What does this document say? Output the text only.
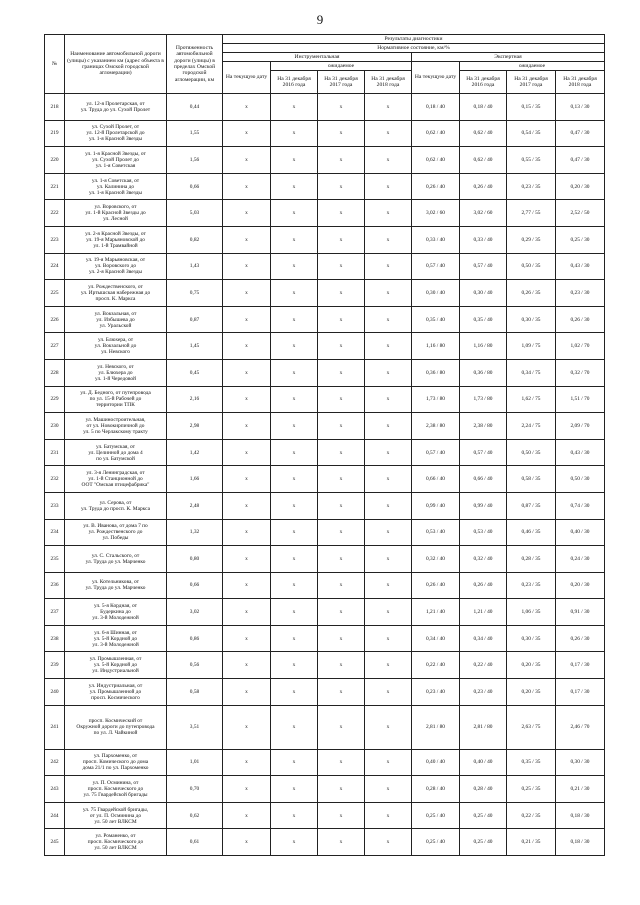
9
№	Наименование автомобильной дороги (улицы) с указанием км (адрес объекта в границах Омской городской агломерации)	Протяженность автомобильной дороги (улицы) в пределах Омской городской агломерации, км	Результаты диагностики							
			Нормативное состояние, км/%							
			Инструментальная				Экспертная			
			На текущую дату	ожидаемое			На текущую дату	ожидаемое		
				На 31 декабря 2016 года	На 31 декабря 2017 года	На 31 декабря 2018 года		На 31 декабря 2016 года	На 31 декабря 2017 года	На 31 декабря 2018 года
218	ул. 12-я Пролетарская, от
ул. Труда до ул. Сухой Пролет	0,44	х	х	х	х	0,18 / 40	0,18 / 40	0,15 / 35	0,13 / 30
219	ул. Сухой Пролет, от
ул. 12-й Пролетарской до
ул. 1-я Красной Звезды	1,55	х	х	х	х	0,62 / 40	0,62 / 40	0,54 / 35	0,47 / 30
220	ул. 1-я Красной Звезды, от
ул. Сухой Пролет до
ул. 1-я Советская	1,56	х	х	х	х	0,62 / 40	0,62 / 40	0,55 / 35	0,47 / 30
221	ул. 1-я Советская, от
ул. Калинина до
ул. 1-я Красной Звезды	0,66	х	х	х	х	0,26 / 40	0,26 / 40	0,23 / 35	0,20 / 30
222	ул. Воровского, от
ул. 1-й Красной Звезды до
ул. Лесной	5,03	х	х	х	х	3,02 / 60	3,02 / 60	2,77 / 55	2,52 / 50
223	ул. 2-я Красной Звезды, от
ул. 19-я Марьяновской до
ул. 1-й Трамвайной	0,82	х	х	х	х	0,33 / 40	0,33 / 40	0,29 / 35	0,25 / 30
224	ул. 19-я Марьяновская, от
ул. Воровского до
ул. 2-я Красной Звезды	1,43	х	х	х	х	0,57 / 40	0,57 / 40	0,50 / 35	0,43 / 30
225	ул. Рождественского, от
ул. Иртышская набережная до
просп. К. Маркса	0,75	х	х	х	х	0,30 / 40	0,30 / 40	0,26 / 35	0,23 / 30
226	ул. Вокзальная, от
ул. Избышева до
ул. Уральской	0,87	х	х	х	х	0,35 / 40	0,35 / 40	0,30 / 35	0,26 / 30
227	ул. Блюхера, от
ул. Вокзальной до
ул. Невского	1,45	х	х	х	х	1,16 / 80	1,16 / 80	1,09 / 75	1,02 / 70
228	ул. Невского, от
ул. Блюхера до
ул. 1-й Чередовой	0,45	х	х	х	х	0,36 / 80	0,36 / 80	0,34 / 75	0,32 / 70
229	ул. Д. Бедного, от путепровода
по ул. 15-й Рабочей до
территории ТПК	2,16	х	х	х	х	1,73 / 80	1,73 / 80	1,62 / 75	1,51 / 70
230	ул. Машиностроительная,
от ул. Новокирпичной до
ул. 5 по Черлакскому тракту	2,98	х	х	х	х	2,38 / 80	2,38 / 80	2,24 / 75	2,09 / 70
231	ул. Батумская, от
ул. Целинной до дома 4
по ул. Батумской	1,42	х	х	х	х	0,57 / 40	0,57 / 40	0,50 / 35	0,43 / 30
232	ул. 3-я Ленинградская, от
ул. 1-й Станционной до
ООТ "Омская птицефабрика"	1,66	х	х	х	х	0,66 / 40	0,66 / 40	0,58 / 35	0,50 / 30
233	ул. Серова, от
ул. Труда до просп. К. Маркса	2,48	х	х	х	х	0,99 / 40	0,99 / 40	0,87 / 35	0,74 / 30
234	ул. В. Иванова, от дома 7 по
ул. Рождественского до
ул. Победы	1,32	х	х	х	х	0,53 / 40	0,53 / 40	0,46 / 35	0,40 / 30
235	ул. С. Стальского, от
ул. Труда до ул. Марченко	0,80	х	х	х	х	0,32 / 40	0,32 / 40	0,28 / 35	0,24 / 30
236	ул. Котельникова, от
ул. Труда до ул. Марченко	0,66	х	х	х	х	0,26 / 40	0,26 / 40	0,23 / 35	0,20 / 30
237	ул. 5-я Кордная, от
Будеркина до
ул. 3-й Молодежной	3,02	х	х	х	х	1,21 / 40	1,21 / 40	1,06 / 35	0,91 / 30
238	ул. 6-я Шинная, от
ул. 5-й Кордной до
ул. 3-й Молодежной	0,86	х	х	х	х	0,34 / 40	0,34 / 40	0,30 / 35	0,26 / 30
239	ул. Промышленная, от
ул. 5-й Кордной до
ул. Индустриальной	0,56	х	х	х	х	0,22 / 40	0,22 / 40	0,20 / 35	0,17 / 30
240	ул. Индустриальная, от
ул. Промышленной до
просп. Космического	0,58	х	х	х	х	0,23 / 40	0,23 / 40	0,20 / 35	0,17 / 30
241	просп. Космический от
Окружной дороги до путепровода
по ул. Л. Чайкиной	3,51	х	х	х	х	2,81 / 80	2,81 / 80	2,63 / 75	2,46 / 70
242	ул. Пархоменко, от
просп. Комического до дома
дома 21/1 по ул. Пархоменко	1,01	х	х	х	х	0,40 / 40	0,40 / 40	0,35 / 35	0,30 / 30
243	ул. П. Осминина, от
просп. Космического до
ул. 75 Гвардейской бригады	0,70	х	х	х	х	0,28 / 40	0,28 / 40	0,25 / 35	0,21 / 30
244	ул. 75 Гвардейской бригады,
от ул. П. Осминина до
ул. 50 лет ВЛКСМ	0,62	х	х	х	х	0,25 / 40	0,25 / 40	0,22 / 35	0,18 / 30
245	ул. Романенко, от
просп. Космического до
ул. 50 лет ВЛКСМ	0,61	х	х	х	х	0,25 / 40	0,25 / 40	0,21 / 35	0,18 / 30
